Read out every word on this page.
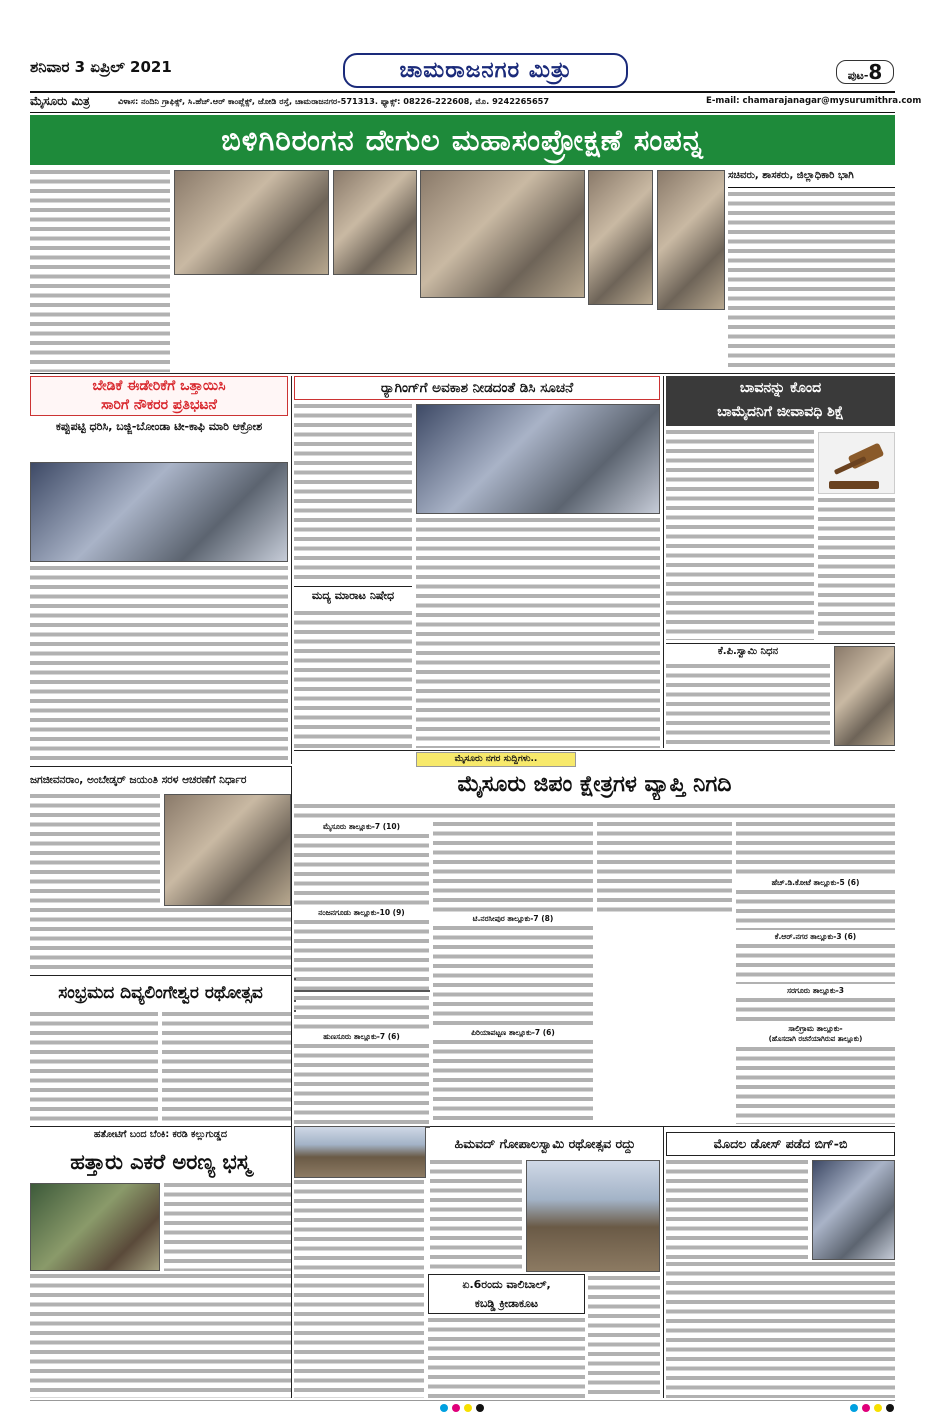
ಶನಿವಾರ 3 ಏಪ್ರಿಲ್ 2021	ಚಾಮರಾಜನಗರ ಮಿತ್ರು	ಪುಟ-8
ಮೈಸೂರು ಮಿತ್ರ	ವಿಳಾಸ: ನಂದಿನಿ ಗ್ರಾಫಿಕ್ಸ್, ಸಿ.ಹೆಚ್.ಆರ್ ಕಾಂಪ್ಲೆಕ್ಸ್, ಜೋಡಿ ರಸ್ತೆ, ಚಾಮರಾಜನಗರ-571313. ಫ್ಯಾಕ್ಸ್: 08226-222608, ಮೊ. 9242265657	E-mail: chamarajanagar@mysurumithra.com
ಬಿಳಿಗಿರಿರಂಗನ ದೇಗುಲ ಮಹಾಸಂಪ್ರೋಕ್ಷಣೆ ಸಂಪನ್ನ
ಸಚಿವರು, ಶಾಸಕರು, ಜಿಲ್ಲಾಧಿಕಾರಿ ಭಾಗಿ
ಬೇಡಿಕೆ ಈಡೇರಿಕೆಗೆ ಒತ್ತಾಯಿಸಿ
ಸಾರಿಗೆ ನೌಕರರ ಪ್ರತಿಭಟನೆ
ಕಪ್ಪುಪಟ್ಟಿ ಧರಿಸಿ, ಬಜ್ಜಿ-ಬೋಂಡಾ ಟೀ-ಕಾಫಿ ಮಾರಿ ಆಕ್ರೋಶ
ರ್‍ಯಾಗಿಂಗ್‌ಗೆ ಅವಕಾಶ ನೀಡದಂತೆ ಡಿಸಿ ಸೂಚನೆ
ಮದ್ಯ ಮಾರಾಟ ನಿಷೇಧ
ಬಾವನನ್ನು ಕೊಂದ
ಬಾಮೈದನಿಗೆ ಜೀವಾವಧಿ ಶಿಕ್ಷೆ
ಕೆ.ಪಿ.ಸ್ವಾಮಿ ನಿಧನ
ಮೈಸೂರು ನಗರ ಸುದ್ದಿಗಳು..
ಮೈಸೂರು ಜಿಪಂ ಕ್ಷೇತ್ರಗಳ ವ್ಯಾಪ್ತಿ ನಿಗದಿ
ಮೈಸೂರು ತಾಲ್ಲೂಕು-7 (10)
ನಂಜನಗೂಡು ತಾಲ್ಲೂಕು-10 (9)
ಹುಣಸೂರು ತಾಲ್ಲೂಕು-7 (6)
ಟಿ.ನರಸೀಪುರ ತಾಲ್ಲೂಕು-7 (8)
ಪಿರಿಯಾಪಟ್ಟಣ ತಾಲ್ಲೂಕು-7 (6)
ಹೆಚ್.ಡಿ.ಕೋಟೆ ತಾಲ್ಲೂಕು-5 (6)
ಕೆ.ಆರ್.ನಗರ ತಾಲ್ಲೂಕು-3 (6)
ಸರಗೂರು ತಾಲ್ಲೂಕು-3
ಸಾಲಿಗ್ರಾಮ ತಾಲ್ಲೂಕು-
(ಹೊಸದಾಗಿ ರಚನೆಯಾಗಿರುವ ತಾಲ್ಲೂಕು)
ಜಗಜೀವನರಾಂ, ಅಂಬೇಡ್ಕರ್ ಜಯಂತಿ ಸರಳ ಆಚರಣೆಗೆ ನಿರ್ಧಾರ
ಸಂಭ್ರಮದ ದಿವ್ಯಲಿಂಗೇಶ್ವರ ರಥೋತ್ಸವ
ಹತೋಟಿಗೆ ಬಂದ ಬೆಂಕಿ: ಕರಡಿ ಕಲ್ಲುಗುಡ್ಡದ
ಹತ್ತಾರು ಎಕರೆ ಅರಣ್ಯ ಭಸ್ಮ
ಏ.6ರಂದು ವಾಲಿಬಾಲ್,
ಕಬಡ್ಡಿ ಕ್ರೀಡಾಕೂಟ
ಹಿಮವದ್ ಗೋಪಾಲಸ್ವಾಮಿ ರಥೋತ್ಸವ ರದ್ದು	ಮೊದಲ ಡೋಸ್ ಪಡೆದ ಬಿಗ್-ಬಿ
